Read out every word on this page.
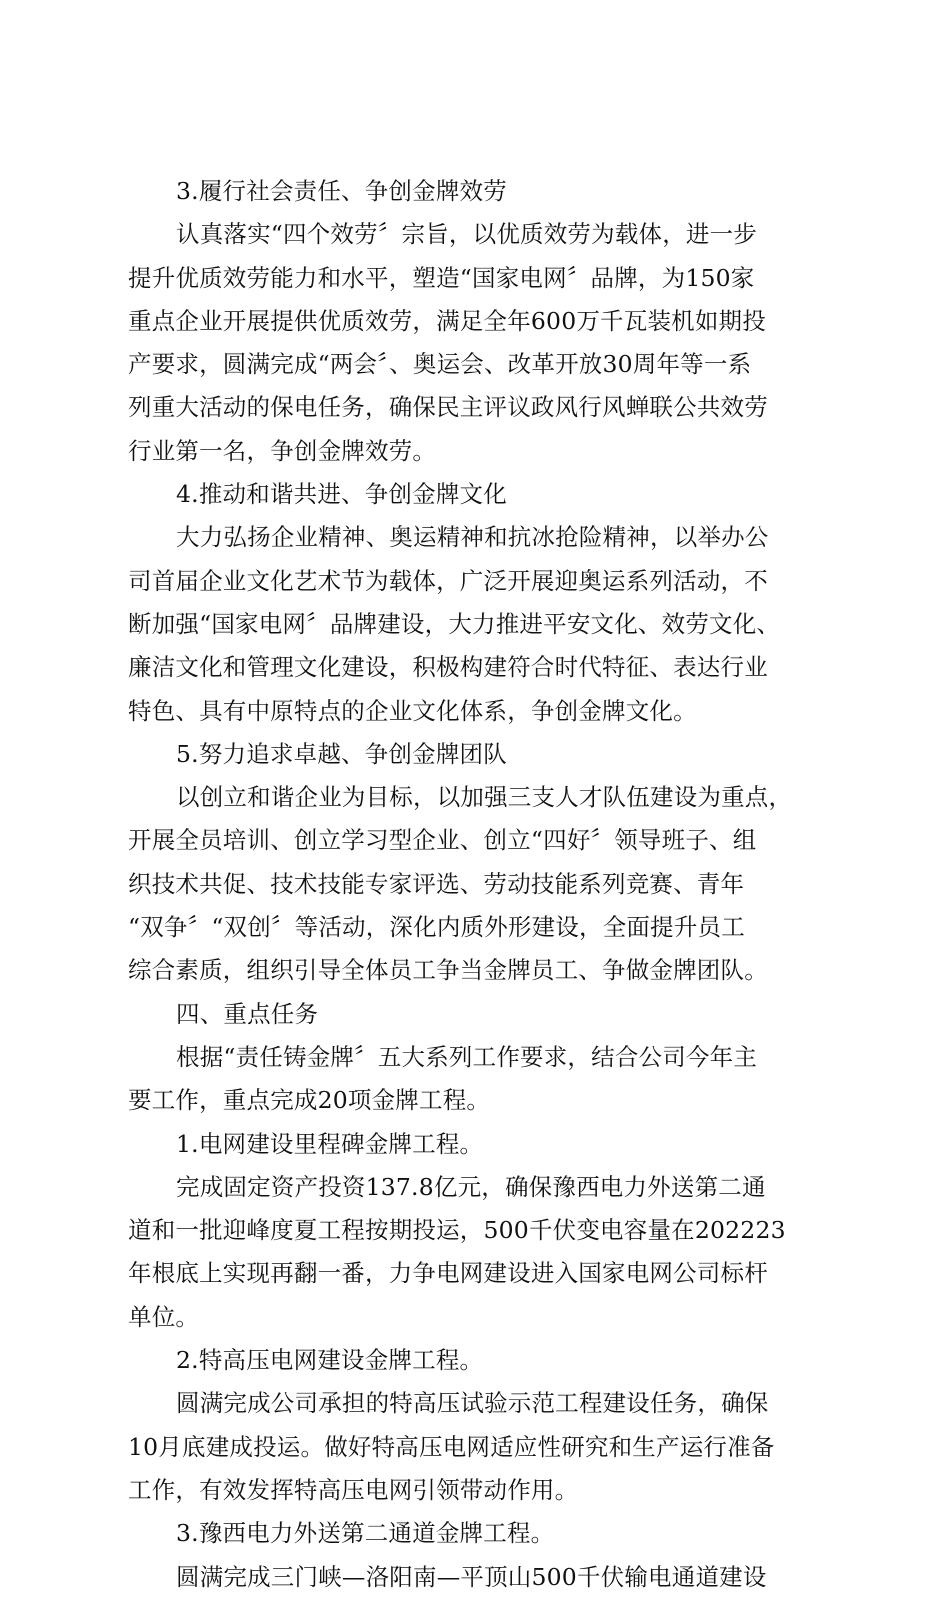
3.履行社会责任、争创金牌效劳
认真落实“四个效劳〞宗旨，以优质效劳为载体，进一步
提升优质效劳能力和水平，塑造“国家电网〞品牌，为150家
重点企业开展提供优质效劳，满足全年600万千瓦装机如期投
产要求，圆满完成“两会〞、奥运会、改革开放30周年等一系
列重大活动的保电任务，确保民主评议政风行风蝉联公共效劳
行业第一名，争创金牌效劳。
4.推动和谐共进、争创金牌文化
大力弘扬企业精神、奥运精神和抗冰抢险精神，以举办公
司首届企业文化艺术节为载体，广泛开展迎奥运系列活动，不
断加强“国家电网〞品牌建设，大力推进平安文化、效劳文化、
廉洁文化和管理文化建设，积极构建符合时代特征、表达行业
特色、具有中原特点的企业文化体系，争创金牌文化。
5.努力追求卓越、争创金牌团队
以创立和谐企业为目标，以加强三支人才队伍建设为重点，
开展全员培训、创立学习型企业、创立“四好〞领导班子、组
织技术共促、技术技能专家评选、劳动技能系列竞赛、青年
“双争〞“双创〞等活动，深化内质外形建设，全面提升员工
综合素质，组织引导全体员工争当金牌员工、争做金牌团队。
四、重点任务
根据“责任铸金牌〞五大系列工作要求，结合公司今年主
要工作，重点完成20项金牌工程。
1.电网建设里程碑金牌工程。
完成固定资产投资137.8亿元，确保豫西电力外送第二通
道和一批迎峰度夏工程按期投运，500千伏变电容量在202223
年根底上实现再翻一番，力争电网建设进入国家电网公司标杆
单位。
2.特高压电网建设金牌工程。
圆满完成公司承担的特高压试验示范工程建设任务，确保
10月底建成投运。做好特高压电网适应性研究和生产运行准备
工作，有效发挥特高压电网引领带动作用。
3.豫西电力外送第二通道金牌工程。
圆满完成三门峡—洛阳南—平顶山500千伏输电通道建设
